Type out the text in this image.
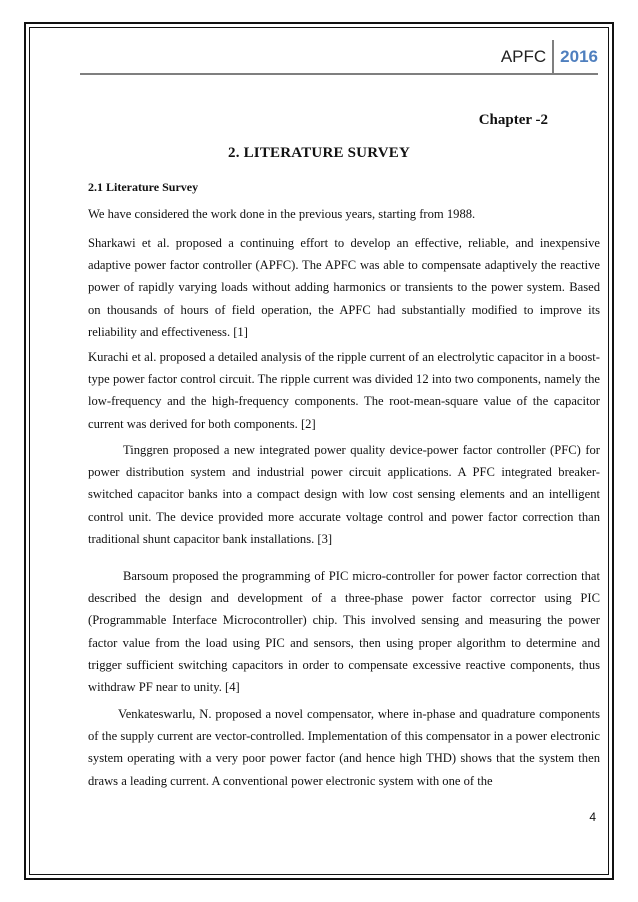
APFC 2016
Chapter -2
2. LITERATURE SURVEY
2.1 Literature Survey

We have considered the work done in the previous years, starting from 1988.

Sharkawi et al. proposed a continuing effort to develop an effective, reliable, and inexpensive adaptive power factor controller (APFC). The APFC was able to compensate adaptively the reactive power of rapidly varying loads without adding harmonics or transients to the power system. Based on thousands of hours of field operation, the APFC had substantially modified to improve its reliability and effectiveness. [1]

Kurachi et al. proposed a detailed analysis of the ripple current of an electrolytic capacitor in a boost-type power factor control circuit. The ripple current was divided 12 into two components, namely the low-frequency and the high-frequency components. The root-mean-square value of the capacitor current was derived for both components. [2]

Tinggren proposed a new integrated power quality device-power factor controller (PFC) for power distribution system and industrial power circuit applications. A PFC integrated breaker-switched capacitor banks into a compact design with low cost sensing elements and an intelligent control unit. The device provided more accurate voltage control and power factor correction than traditional shunt capacitor bank installations. [3]

Barsoum proposed the programming of PIC micro-controller for power factor correction that described the design and development of a three-phase power factor corrector using PIC (Programmable Interface Microcontroller) chip. This involved sensing and measuring the power factor value from the load using PIC and sensors, then using proper algorithm to determine and trigger sufficient switching capacitors in order to compensate excessive reactive components, thus withdraw PF near to unity. [4]

Venkateswarlu, N. proposed a novel compensator, where in-phase and quadrature components of the supply current are vector-controlled. Implementation of this compensator in a power electronic system operating with a very poor power factor (and hence high THD) shows that the system then draws a leading current. A conventional power electronic system with one of the

4
